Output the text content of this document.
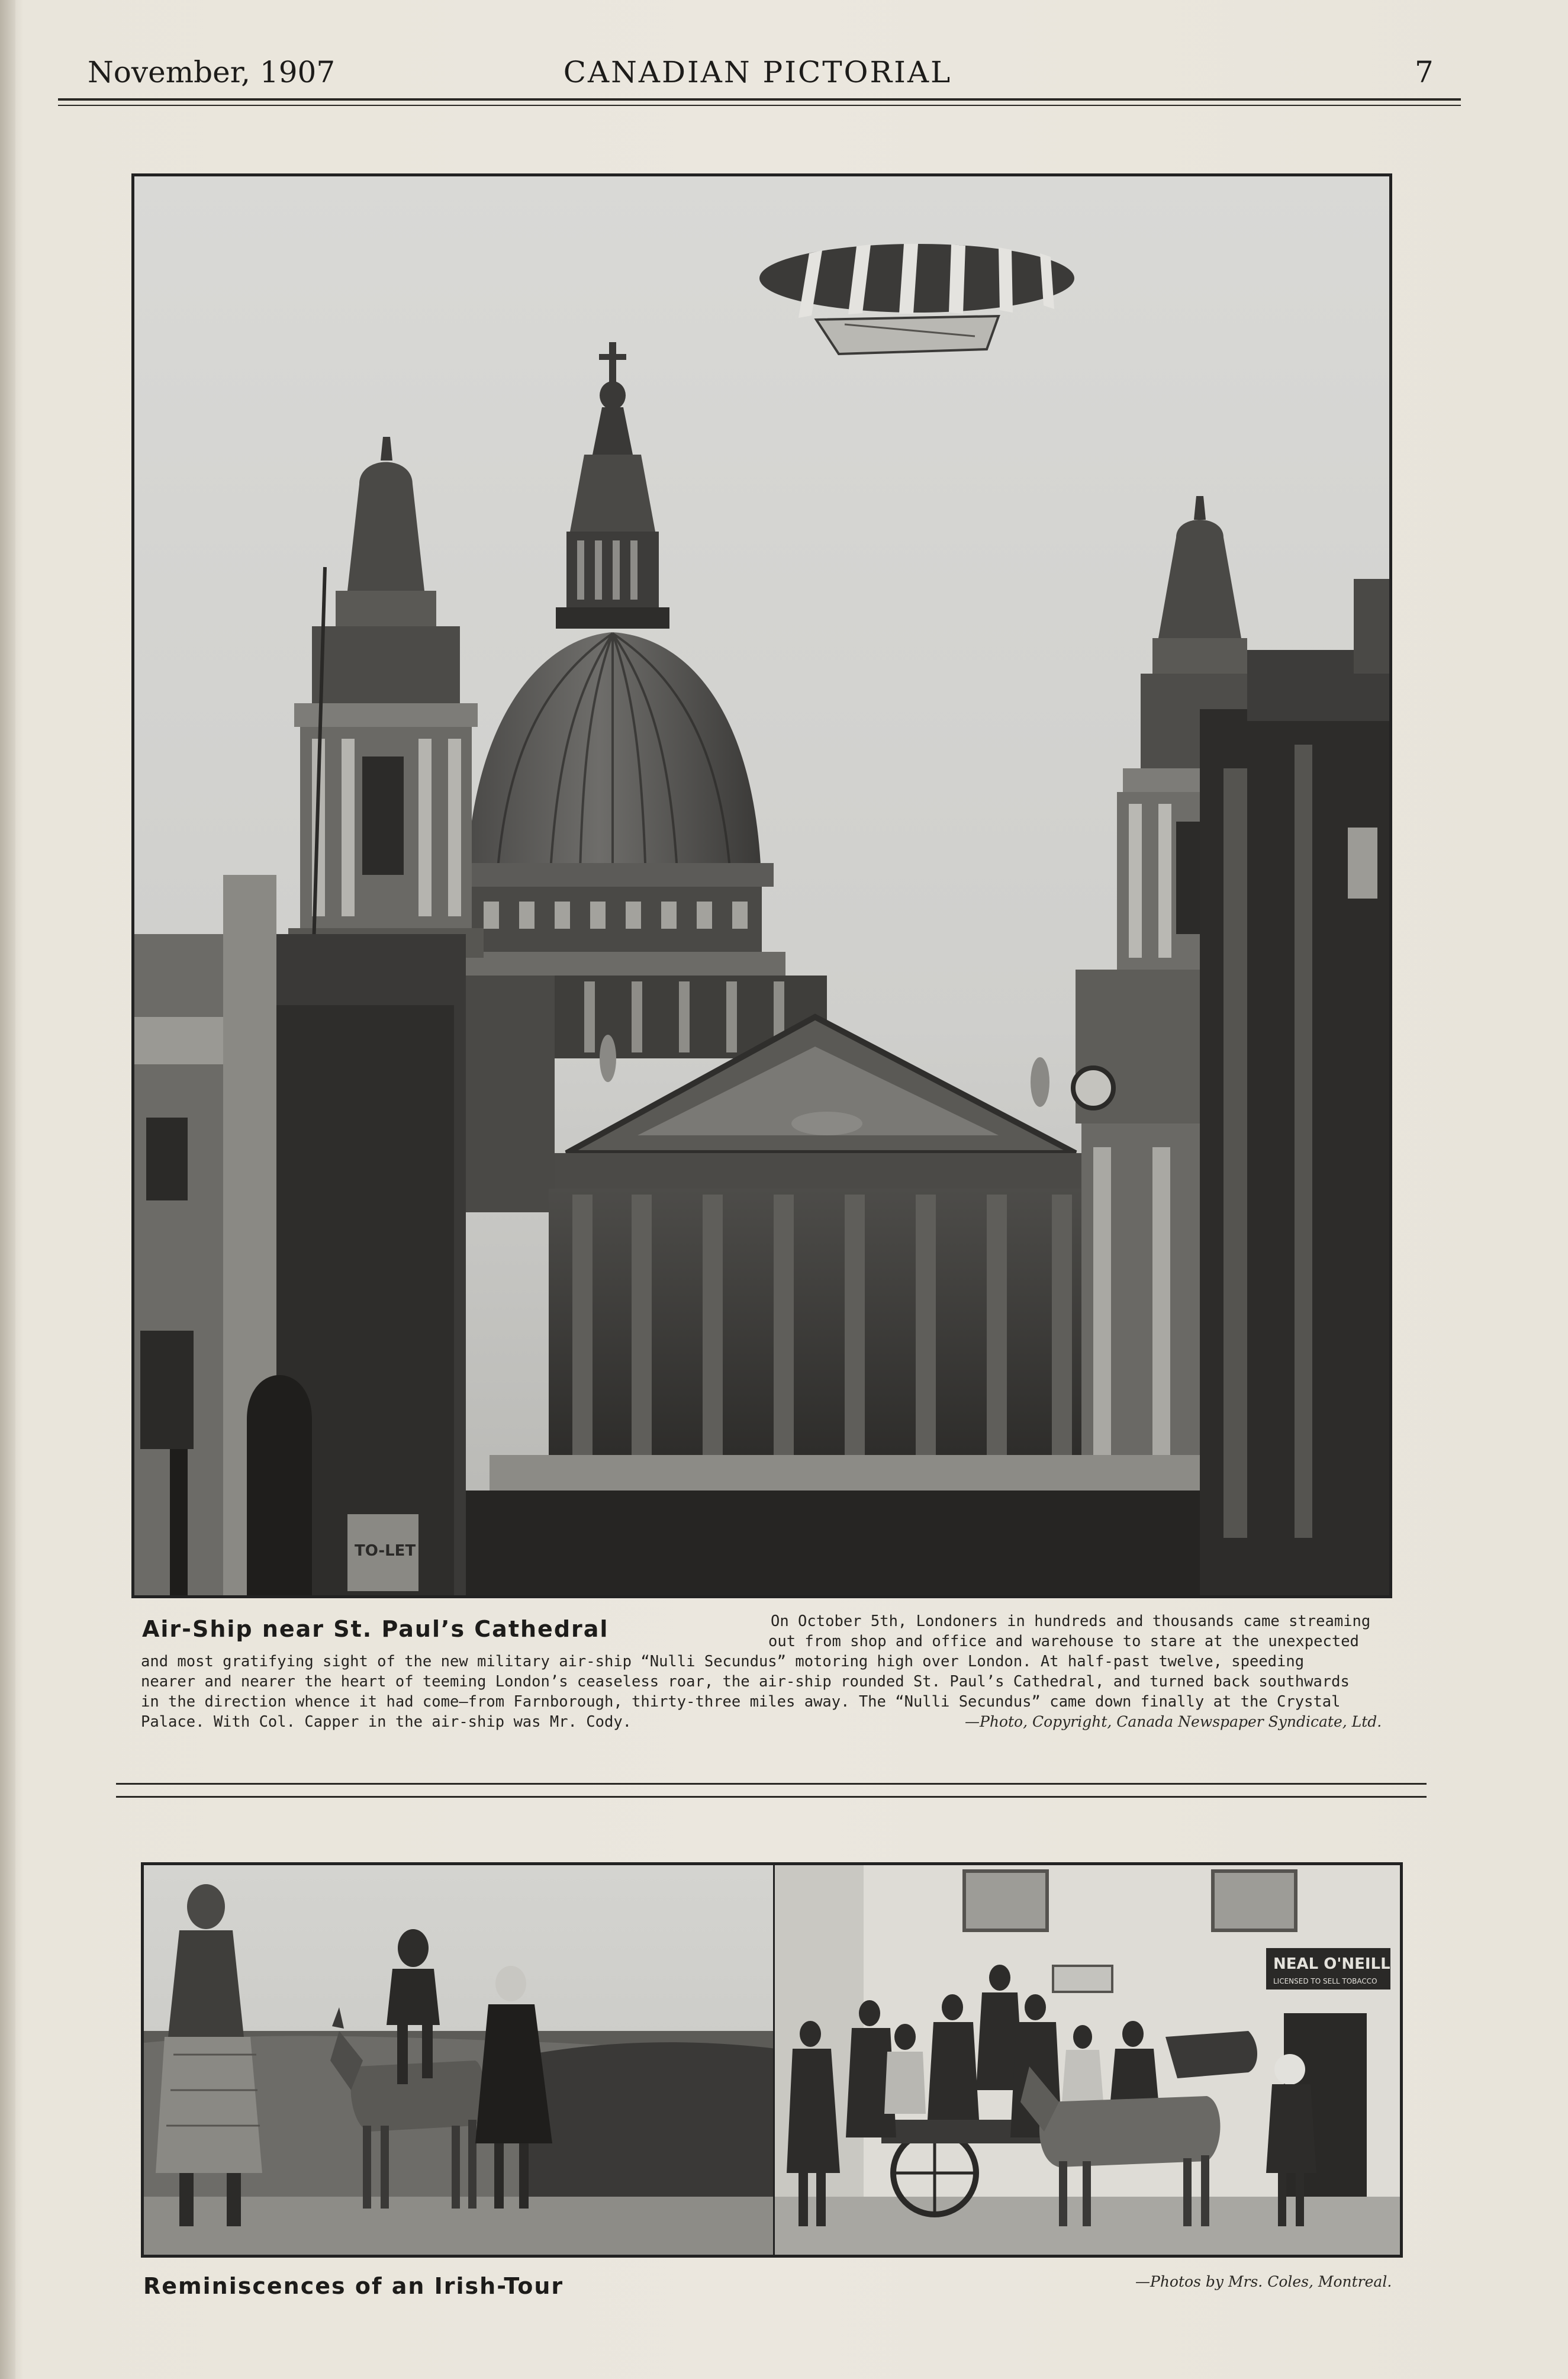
November, 1907	CANADIAN PICTORIAL	7
TO-LET
Air-Ship near St. Paul’s Cathedral	On October 5th, Londoners in hundreds and thousands came streaming
out from shop and office and warehouse to stare at the unexpected
and most gratifying sight of the new military air-ship “Nulli Secundus” motoring high over London. At half-past twelve, speeding
nearer and nearer the heart of teeming London’s ceaseless roar, the air-ship rounded St. Paul’s Cathedral, and turned back southwards
in the direction whence it had come—from Farnborough, thirty-three miles away. The “Nulli Secundus” came down finally at the Crystal
Palace. With Col. Capper in the air-ship was Mr. Cody.	—Photo, Copyright, Canada Newspaper Syndicate, Ltd.
NEAL O'NEILL
LICENSED TO SELL TOBACCO
Reminiscences of an Irish-Tour	—Photos by Mrs. Coles, Montreal.
